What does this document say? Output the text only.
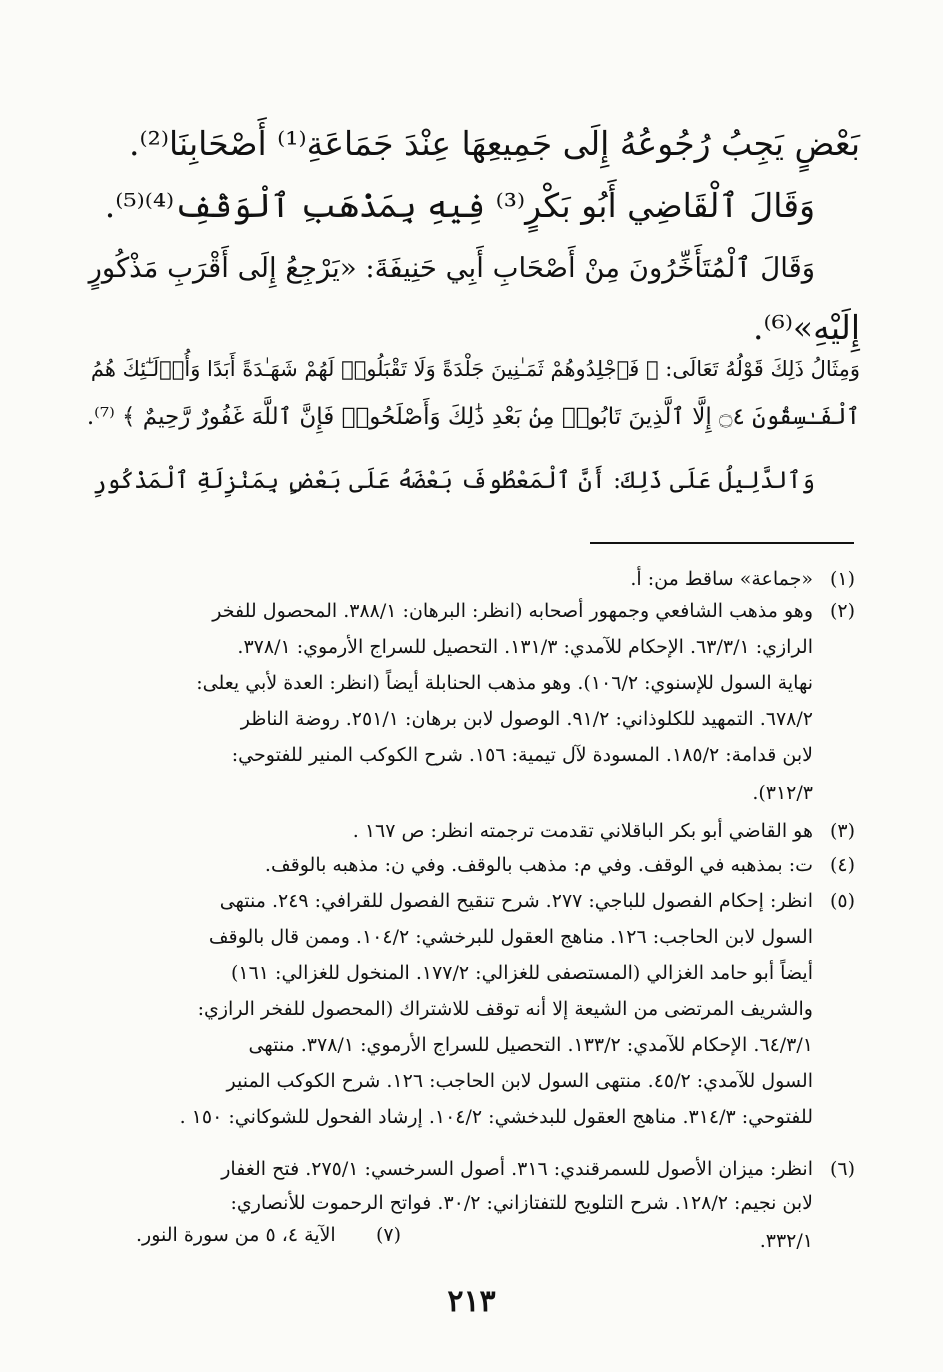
بَعْضٍ يَجِبُ رُجُوعُهُ إِلَى جَمِيعِهَا عِنْدَ جَمَاعَةِ⁽¹⁾ أَصْحَابِنَا⁽²⁾.
وَقَالَ ٱلْقَاضِي أَبُو بَكْرٍ⁽³⁾ فِيهِ بِمَذْهَبِ ٱلْوَقْفِ⁽⁴⁾⁽⁵⁾.
وَقَالَ ٱلْمُتَأَخِّرُونَ مِنْ أَصْحَابِ أَبِي حَنِيفَةَ: «يَرْجِعُ إِلَى أَقْرَبِ مَذْكُورٍ
إِلَيْهِ»⁽⁶⁾.
وَمِثَالُ ذَلِكَ قَوْلُهُ تَعَالَى: ﴿ فَٱجْلِدُوهُمْ ثَمَـٰنِينَ جَلْدَةً وَلَا تَقْبَلُوا۟ لَهُمْ شَهَـٰدَةً أَبَدًا وَأُو۟لَـٰٓئِكَ هُمُ
ٱلْفَـٰسِقُونَ ۝٤ إِلَّا ٱلَّذِينَ تَابُوا۟ مِنۢ بَعْدِ ذَٰلِكَ وَأَصْلَحُوا۟ فَإِنَّ ٱللَّهَ غَفُورٌ رَّحِيمٌ ﴾ ⁽⁷⁾.
وَٱلدَّلِيلُ عَلَى ذَلِكَ: أَنَّ ٱلْمَعْطُوفَ بَعْضَهُ عَلَى بَعْضٍ بِمَنْزِلَةِ ٱلْمَذْكُورِ
(١)
«جماعة» ساقط من: أ.
(٢)
وهو مذهب الشافعي وجمهور أصحابه (انظر: البرهان: ٣٨٨/١. المحصول للفخر
الرازي: ٦٣/٣/١. الإحكام للآمدي: ١٣١/٣. التحصيل للسراج الأرموي: ٣٧٨/١.
نهاية السول للإسنوي: ١٠٦/٢). وهو مذهب الحنابلة أيضاً (انظر: العدة لأبي يعلى:
٦٧٨/٢. التمهيد للكلوذاني: ٩١/٢. الوصول لابن برهان: ٢٥١/١. روضة الناظر
لابن قدامة: ١٨٥/٢. المسودة لآل تيمية: ١٥٦. شرح الكوكب المنير للفتوحي:
٣١٢/٣).
(٣)
هو القاضي أبو بكر الباقلاني تقدمت ترجمته انظر: ص ١٦٧ .
(٤)
ت: بمذهبه في الوقف. وفي م: مذهب بالوقف. وفي ن: مذهبه بالوقف.
(٥)
انظر: إحكام الفصول للباجي: ٢٧٧. شرح تنقيح الفصول للقرافي: ٢٤٩. منتهى
السول لابن الحاجب: ١٢٦. مناهج العقول للبرخشي: ١٠٤/٢. وممن قال بالوقف
أيضاً أبو حامد الغزالي (المستصفى للغزالي: ١٧٧/٢. المنخول للغزالي: ١٦١)
والشريف المرتضى من الشيعة إلا أنه توقف للاشتراك (المحصول للفخر الرازي:
٦٤/٣/١. الإحكام للآمدي: ١٣٣/٢. التحصيل للسراج الأرموي: ٣٧٨/١. منتهى
السول للآمدي: ٤٥/٢. منتهى السول لابن الحاجب: ١٢٦. شرح الكوكب المنير
للفتوحي: ٣١٤/٣. مناهج العقول للبدخشي: ١٠٤/٢. إرشاد الفحول للشوكاني: ١٥٠ .
(٦)
انظر: ميزان الأصول للسمرقندي: ٣١٦. أصول السرخسي: ٢٧٥/١. فتح الغفار
لابن نجيم: ١٢٨/٢. شرح التلويح للتفتازاني: ٣٠/٢. فواتح الرحموت للأنصاري:
٣٣٢/١.
(٧)
الآية ٤، ٥ من سورة النور.
٢١٣
